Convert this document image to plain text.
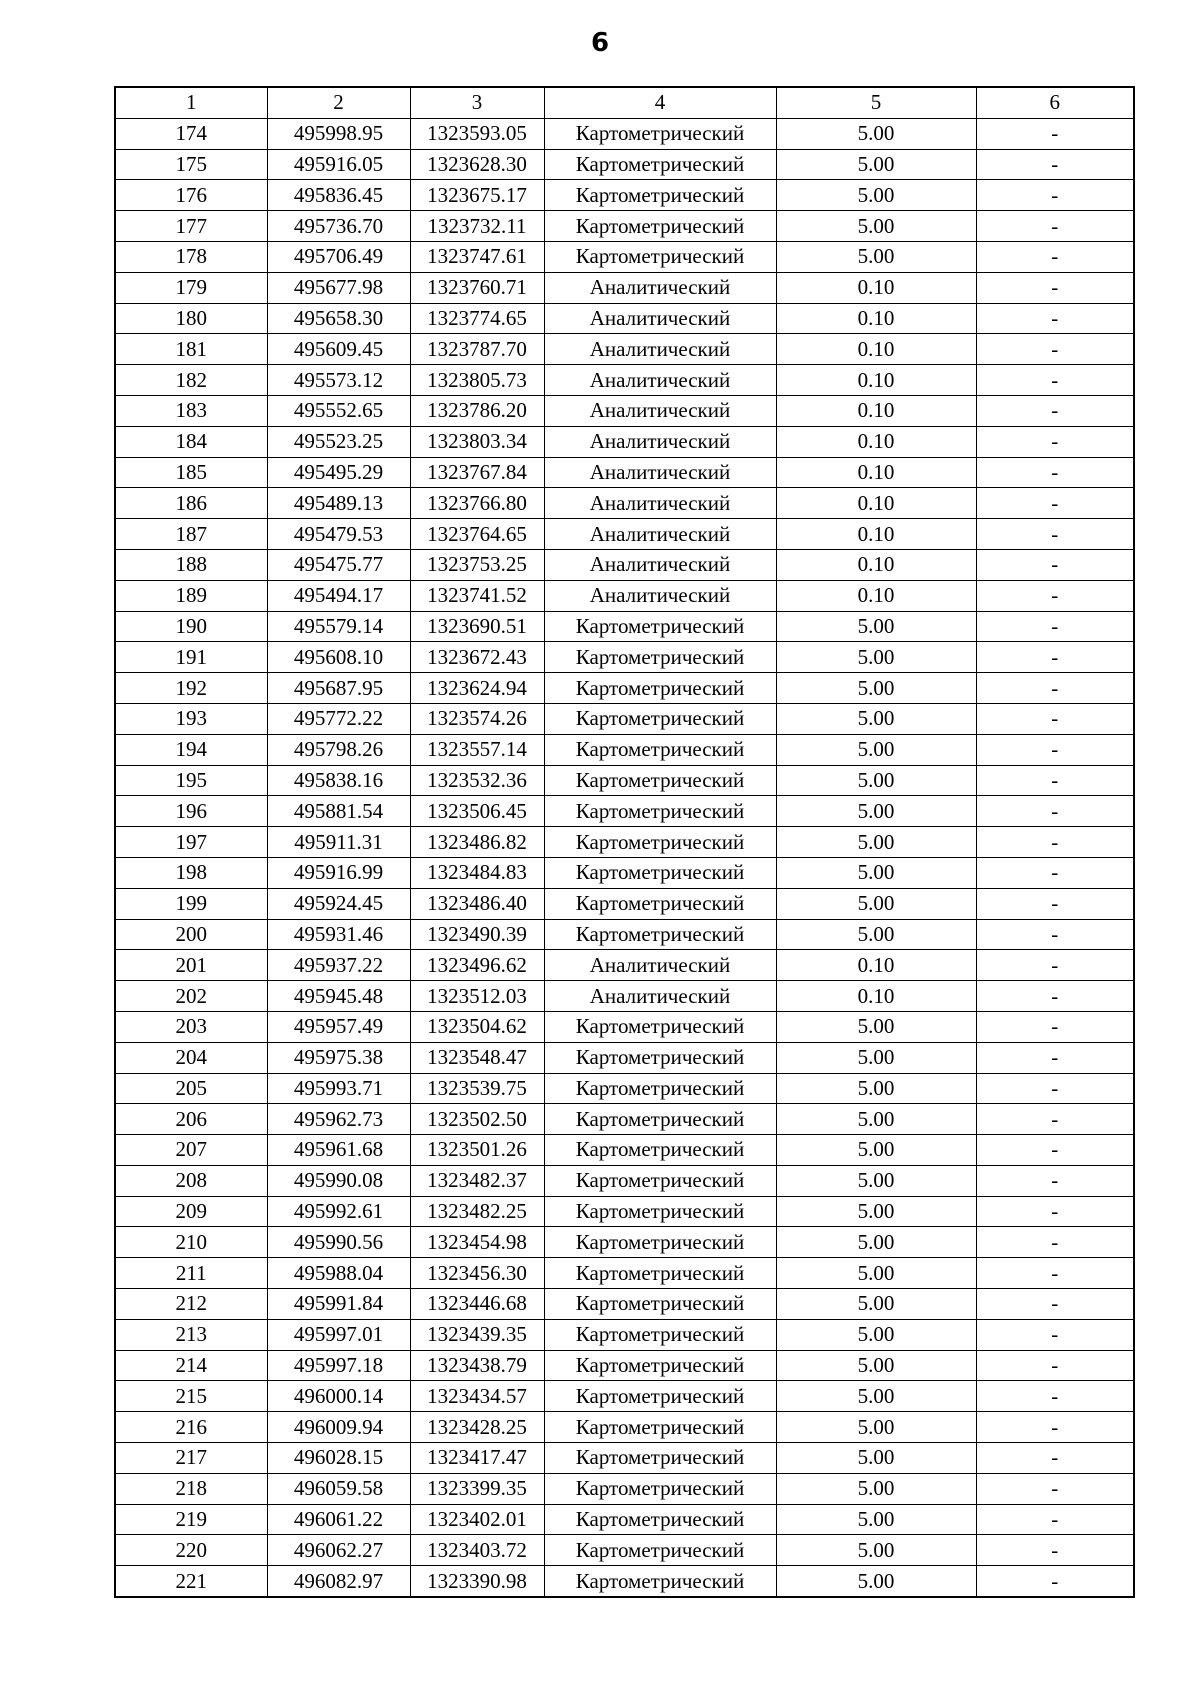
6
1	2	3	4	5	6
174	495998.95	1323593.05	Картометрический	5.00	-
175	495916.05	1323628.30	Картометрический	5.00	-
176	495836.45	1323675.17	Картометрический	5.00	-
177	495736.70	1323732.11	Картометрический	5.00	-
178	495706.49	1323747.61	Картометрический	5.00	-
179	495677.98	1323760.71	Аналитический	0.10	-
180	495658.30	1323774.65	Аналитический	0.10	-
181	495609.45	1323787.70	Аналитический	0.10	-
182	495573.12	1323805.73	Аналитический	0.10	-
183	495552.65	1323786.20	Аналитический	0.10	-
184	495523.25	1323803.34	Аналитический	0.10	-
185	495495.29	1323767.84	Аналитический	0.10	-
186	495489.13	1323766.80	Аналитический	0.10	-
187	495479.53	1323764.65	Аналитический	0.10	-
188	495475.77	1323753.25	Аналитический	0.10	-
189	495494.17	1323741.52	Аналитический	0.10	-
190	495579.14	1323690.51	Картометрический	5.00	-
191	495608.10	1323672.43	Картометрический	5.00	-
192	495687.95	1323624.94	Картометрический	5.00	-
193	495772.22	1323574.26	Картометрический	5.00	-
194	495798.26	1323557.14	Картометрический	5.00	-
195	495838.16	1323532.36	Картометрический	5.00	-
196	495881.54	1323506.45	Картометрический	5.00	-
197	495911.31	1323486.82	Картометрический	5.00	-
198	495916.99	1323484.83	Картометрический	5.00	-
199	495924.45	1323486.40	Картометрический	5.00	-
200	495931.46	1323490.39	Картометрический	5.00	-
201	495937.22	1323496.62	Аналитический	0.10	-
202	495945.48	1323512.03	Аналитический	0.10	-
203	495957.49	1323504.62	Картометрический	5.00	-
204	495975.38	1323548.47	Картометрический	5.00	-
205	495993.71	1323539.75	Картометрический	5.00	-
206	495962.73	1323502.50	Картометрический	5.00	-
207	495961.68	1323501.26	Картометрический	5.00	-
208	495990.08	1323482.37	Картометрический	5.00	-
209	495992.61	1323482.25	Картометрический	5.00	-
210	495990.56	1323454.98	Картометрический	5.00	-
211	495988.04	1323456.30	Картометрический	5.00	-
212	495991.84	1323446.68	Картометрический	5.00	-
213	495997.01	1323439.35	Картометрический	5.00	-
214	495997.18	1323438.79	Картометрический	5.00	-
215	496000.14	1323434.57	Картометрический	5.00	-
216	496009.94	1323428.25	Картометрический	5.00	-
217	496028.15	1323417.47	Картометрический	5.00	-
218	496059.58	1323399.35	Картометрический	5.00	-
219	496061.22	1323402.01	Картометрический	5.00	-
220	496062.27	1323403.72	Картометрический	5.00	-
221	496082.97	1323390.98	Картометрический	5.00	-
